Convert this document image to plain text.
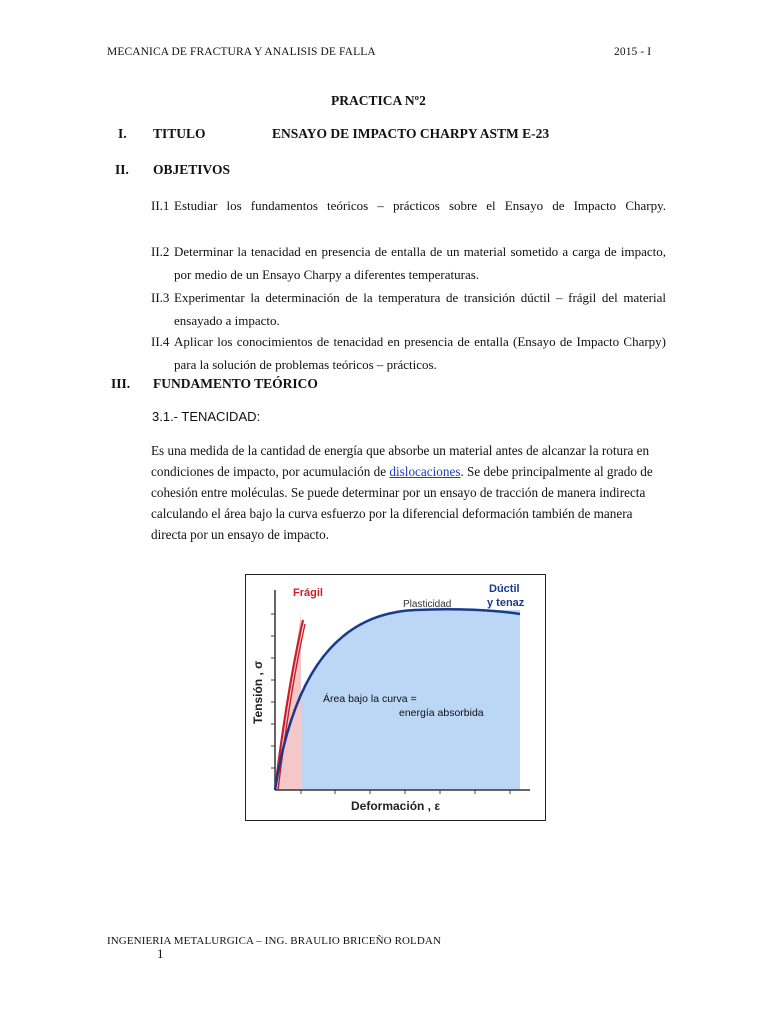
MECANICA DE FRACTURA Y ANALISIS DE FALLA	2015 - I
PRACTICA Nº2
I. TITULO	ENSAYO DE IMPACTO CHARPY ASTM E-23
II. OBJETIVOS
II.1 Estudiar los fundamentos teóricos – prácticos sobre el Ensayo de Impacto Charpy.
II.2 Determinar la tenacidad en presencia de entalla de un material sometido a carga de impacto, por medio de un Ensayo Charpy a diferentes temperaturas.
II.3 Experimentar la determinación de la temperatura de transición dúctil – frágil del material ensayado a impacto.
II.4 Aplicar los conocimientos de tenacidad en presencia de entalla (Ensayo de Impacto Charpy) para la solución de problemas teóricos – prácticos.
III. FUNDAMENTO TEÓRICO
3.1.- TENACIDAD:
Es una medida de la cantidad de energía que absorbe un material antes de alcanzar la rotura en condiciones de impacto, por acumulación de dislocaciones. Se debe principalmente al grado de cohesión entre moléculas. Se puede determinar por un ensayo de tracción de manera indirecta calculando el área bajo la curva esfuerzo por la diferencial deformación también de manera directa por un ensayo de impacto.
Frágil	Dúctil
y tenaz
Plasticidad
Área bajo la curva =
energía absorbida
Deformación , ε
Tensión , σ
INGENIERIA METALURGICA – ING. BRAULIO BRICEÑO ROLDAN
1
